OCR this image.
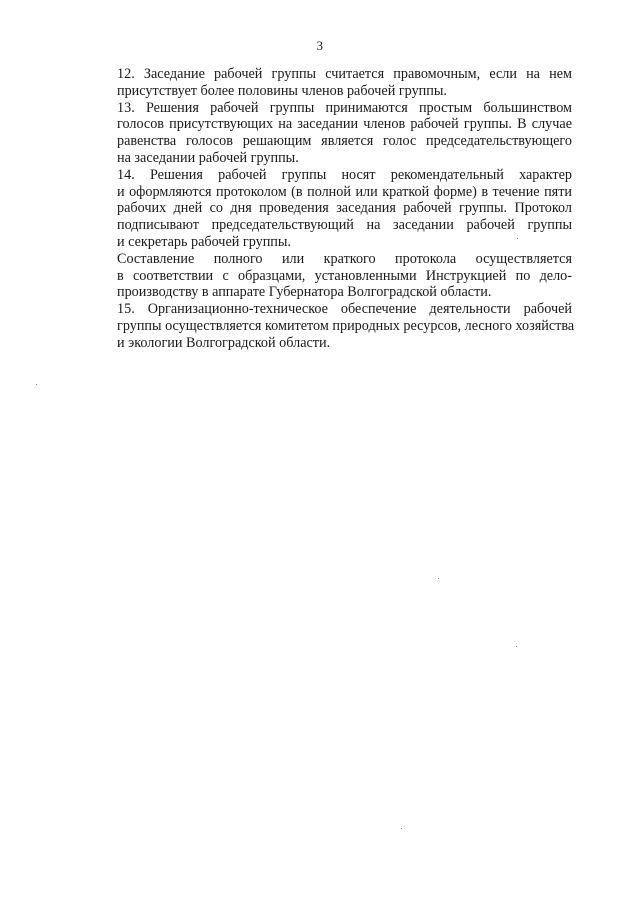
3

12. Заседание рабочей группы считается правомочным, если на нем
присутствует более половины членов рабочей группы.

13. Решения рабочей группы принимаются простым большинством
голосов присутствующих на заседании членов рабочей группы. В случае
равенства голосов решающим является голос председательствующего
на заседании рабочей группы.

14. Решения рабочей группы носят рекомендательный характер
и оформляются протоколом (в полной или краткой форме) в течение пяти
рабочих дней со дня проведения заседания рабочей группы. Протокол
подписывают председательствующий на заседании рабочей группы
и секретарь рабочей группы.

Составление полного или краткого протокола осуществляется
в соответствии с образцами, установленными Инструкцией по дело-
производству в аппарате Губернатора Волгоградской области.

15. Организационно-техническое обеспечение деятельности рабочей
группы осуществляется комитетом природных ресурсов, лесного хозяйства
и экологии Волгоградской области.
